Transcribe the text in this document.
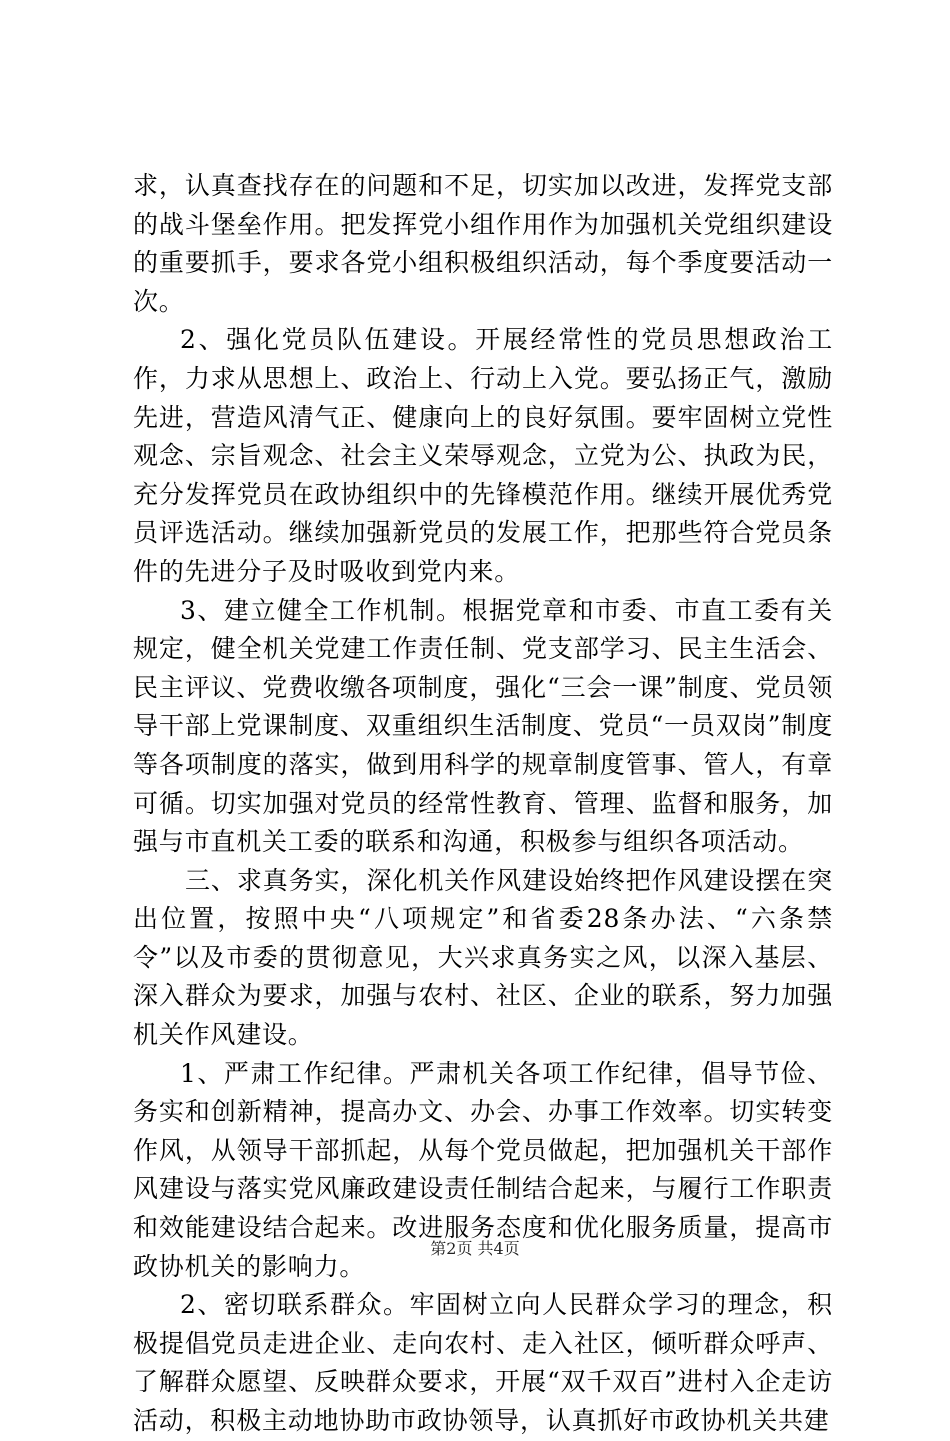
求，认真查找存在的问题和不足，切实加以改进，发挥党支部的战斗堡垒作用。把发挥党小组作用作为加强机关党组织建设的重要抓手，要求各党小组积极组织活动，每个季度要活动一次。

2、强化党员队伍建设。开展经常性的党员思想政治工作，力求从思想上、政治上、行动上入党。要弘扬正气，激励先进，营造风清气正、健康向上的良好氛围。要牢固树立党性观念、宗旨观念、社会主义荣辱观念，立党为公、执政为民，充分发挥党员在政协组织中的先锋模范作用。继续开展优秀党员评选活动。继续加强新党员的发展工作，把那些符合党员条件的先进分子及时吸收到党内来。

3、建立健全工作机制。根据党章和市委、市直工委有关规定，健全机关党建工作责任制、党支部学习、民主生活会、民主评议、党费收缴各项制度，强化“三会一课”制度、党员领导干部上党课制度、双重组织生活制度、党员“一员双岗”制度等各项制度的落实，做到用科学的规章制度管事、管人，有章可循。切实加强对党员的经常性教育、管理、监督和服务，加强与市直机关工委的联系和沟通，积极参与组织各项活动。

三、求真务实，深化机关作风建设始终把作风建设摆在突出位置，按照中央“八项规定”和省委28条办法、“六条禁令”以及市委的贯彻意见，大兴求真务实之风，以深入基层、深入群众为要求，加强与农村、社区、企业的联系，努力加强机关作风建设。

1、严肃工作纪律。严肃机关各项工作纪律，倡导节俭、务实和创新精神，提高办文、办会、办事工作效率。切实转变作风，从领导干部抓起，从每个党员做起，把加强机关干部作风建设与落实党风廉政建设责任制结合起来，与履行工作职责和效能建设结合起来。改进服务态度和优化服务质量，提高市政协机关的影响力。

2、密切联系群众。牢固树立向人民群众学习的理念，积极提倡党员走进企业、走向农村、走入社区，倾听群众呼声、了解群众愿望、反映群众要求，开展“双千双百”进村入企走访活动，积极主动地协助市政协领导，认真抓好市政协机关共建

第2页 共4页
